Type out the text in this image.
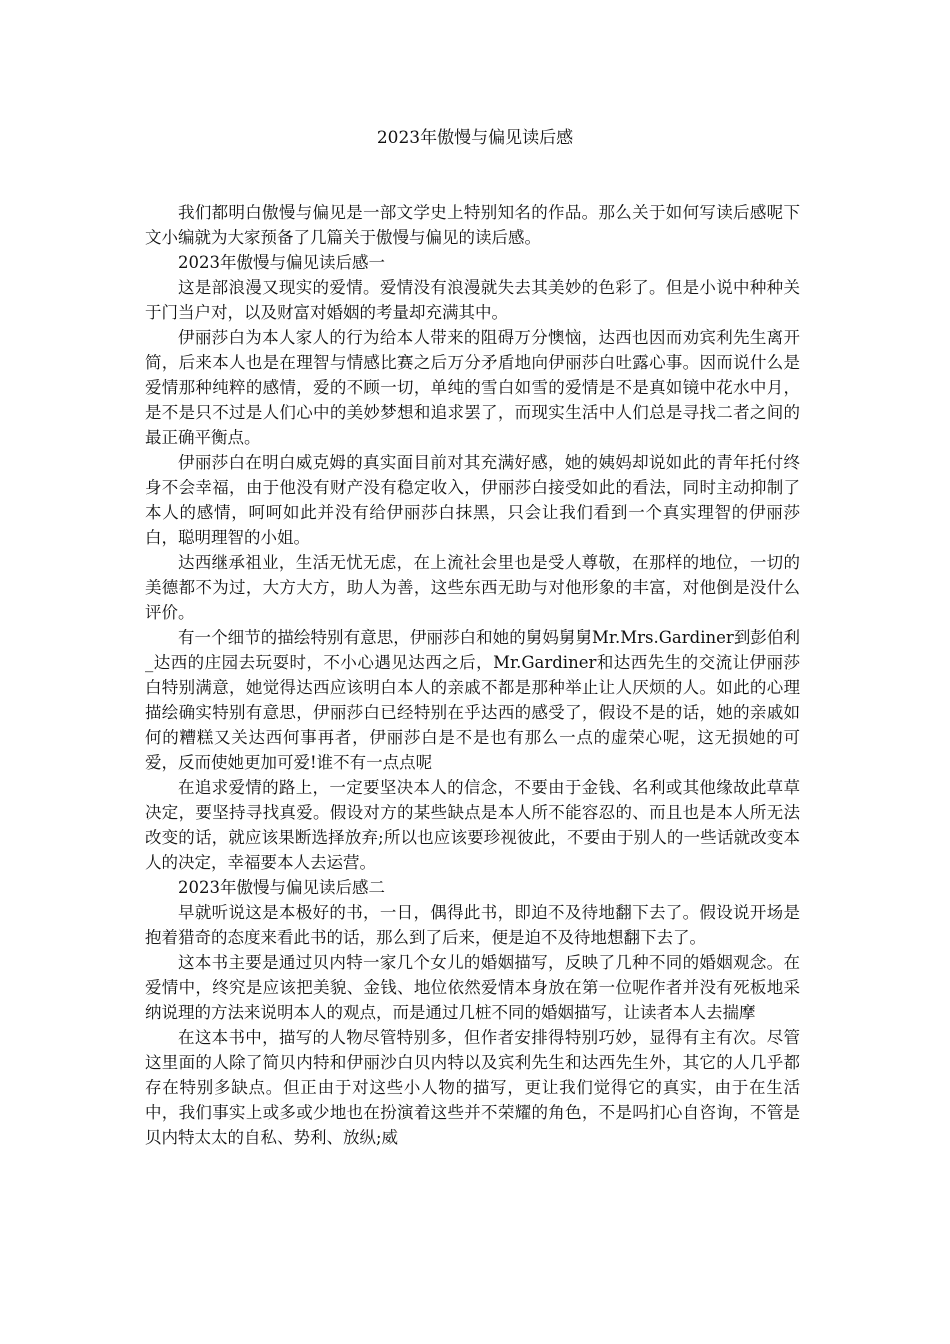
2023年傲慢与偏见读后感

我们都明白傲慢与偏见是一部文学史上特别知名的作品。那么关于如何写读后感呢下文小编就为大家预备了几篇关于傲慢与偏见的读后感。

2023年傲慢与偏见读后感一

这是部浪漫又现实的爱情。爱情没有浪漫就失去其美妙的色彩了。但是小说中种种关于门当户对，以及财富对婚姻的考量却充满其中。

伊丽莎白为本人家人的行为给本人带来的阻碍万分懊恼，达西也因而劝宾利先生离开简，后来本人也是在理智与情感比赛之后万分矛盾地向伊丽莎白吐露心事。因而说什么是爱情那种纯粹的感情，爱的不顾一切，单纯的雪白如雪的爱情是不是真如镜中花水中月，是不是只不过是人们心中的美妙梦想和追求罢了，而现实生活中人们总是寻找二者之间的最正确平衡点。

伊丽莎白在明白威克姆的真实面目前对其充满好感，她的姨妈却说如此的青年托付终身不会幸福，由于他没有财产没有稳定收入，伊丽莎白接受如此的看法，同时主动抑制了本人的感情，呵呵如此并没有给伊丽莎白抹黑，只会让我们看到一个真实理智的伊丽莎白，聪明理智的小姐。

达西继承祖业，生活无忧无虑，在上流社会里也是受人尊敬，在那样的地位，一切的美德都不为过，大方大方，助人为善，这些东西无助与对他形象的丰富，对他倒是没什么评价。

有一个细节的描绘特别有意思，伊丽莎白和她的舅妈舅舅Mr.Mrs.Gardiner到彭伯利_达西的庄园去玩耍时，不小心遇见达西之后，Mr.Gardiner和达西先生的交流让伊丽莎白特别满意，她觉得达西应该明白本人的亲戚不都是那种举止让人厌烦的人。如此的心理描绘确实特别有意思，伊丽莎白已经特别在乎达西的感受了，假设不是的话，她的亲戚如何的糟糕又关达西何事再者，伊丽莎白是不是也有那么一点的虚荣心呢，这无损她的可爱，反而使她更加可爱!谁不有一点点呢

在追求爱情的路上，一定要坚决本人的信念，不要由于金钱、名利或其他缘故此草草决定，要坚持寻找真爱。假设对方的某些缺点是本人所不能容忍的、而且也是本人所无法改变的话，就应该果断选择放弃;所以也应该要珍视彼此，不要由于别人的一些话就改变本人的决定，幸福要本人去运营。

2023年傲慢与偏见读后感二

早就听说这是本极好的书，一日，偶得此书，即迫不及待地翻下去了。假设说开场是抱着猎奇的态度来看此书的话，那么到了后来，便是迫不及待地想翻下去了。

这本书主要是通过贝内特一家几个女儿的婚姻描写，反映了几种不同的婚姻观念。在爱情中，终究是应该把美貌、金钱、地位依然爱情本身放在第一位呢作者并没有死板地采纳说理的方法来说明本人的观点，而是通过几桩不同的婚姻描写，让读者本人去揣摩

在这本书中，描写的人物尽管特别多，但作者安排得特别巧妙，显得有主有次。尽管这里面的人除了简贝内特和伊丽沙白贝内特以及宾利先生和达西先生外，其它的人几乎都存在特别多缺点。但正由于对这些小人物的描写，更让我们觉得它的真实，由于在生活中，我们事实上或多或少地也在扮演着这些并不荣耀的角色，不是吗扪心自咨询，不管是贝内特太太的自私、势利、放纵;威
